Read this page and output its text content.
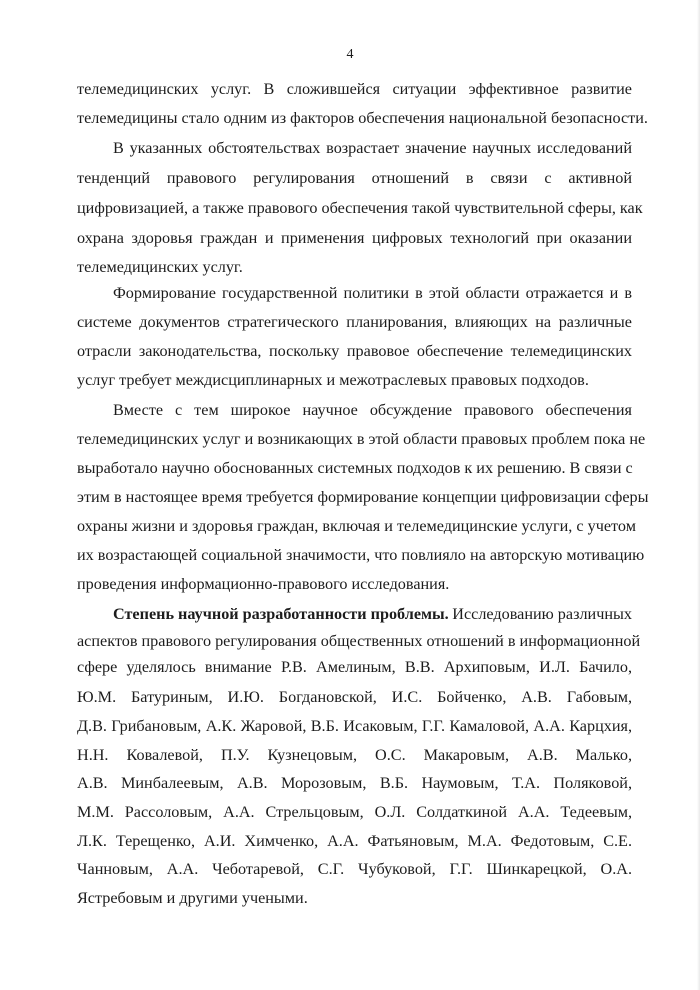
4
телемедицинских услуг. В сложившейся ситуации эффективное развитие
телемедицины стало одним из факторов обеспечения национальной безопасности.
В указанных обстоятельствах возрастает значение научных исследований
тенденций правового регулирования отношений в связи с активной
цифровизацией, а также правового обеспечения такой чувствительной сферы, как
охрана здоровья граждан и применения цифровых технологий при оказании
телемедицинских услуг.
Формирование государственной политики в этой области отражается и в
системе документов стратегического планирования, влияющих на различные
отрасли законодательства, поскольку правовое обеспечение телемедицинских
услуг требует междисциплинарных и межотраслевых правовых подходов.
Вместе с тем широкое научное обсуждение правового обеспечения
телемедицинских услуг и возникающих в этой области правовых проблем пока не
выработало научно обоснованных системных подходов к их решению. В связи с
этим в настоящее время требуется формирование концепции цифровизации сферы
охраны жизни и здоровья граждан, включая и телемедицинские услуги, с учетом
их возрастающей социальной значимости, что повлияло на авторскую мотивацию
проведения информационно-правового исследования.
Степень научной разработанности проблемы. Исследованию различных
аспектов правового регулирования общественных отношений в информационной
сфере уделялось внимание Р.В. Амелиным, В.В. Архиповым, И.Л. Бачило,
Ю.М. Батуриным, И.Ю. Богдановской, И.С. Бойченко, А.В. Габовым,
Д.В. Грибановым, А.К. Жаровой, В.Б. Исаковым, Г.Г. Камаловой, А.А. Карцхия,
Н.Н. Ковалевой, П.У. Кузнецовым, О.С. Макаровым, А.В. Малько,
А.В. Минбалеевым, А.В. Морозовым, В.Б. Наумовым, Т.А. Поляковой,
М.М. Рассоловым, А.А. Стрельцовым, О.Л. Солдаткиной А.А. Тедеевым,
Л.К. Терещенко, А.И. Химченко, А.А. Фатьяновым, М.А. Федотовым, С.Е.
Чанновым, А.А. Чеботаревой, С.Г. Чубуковой, Г.Г. Шинкарецкой, О.А.
Ястребовым и другими учеными.
